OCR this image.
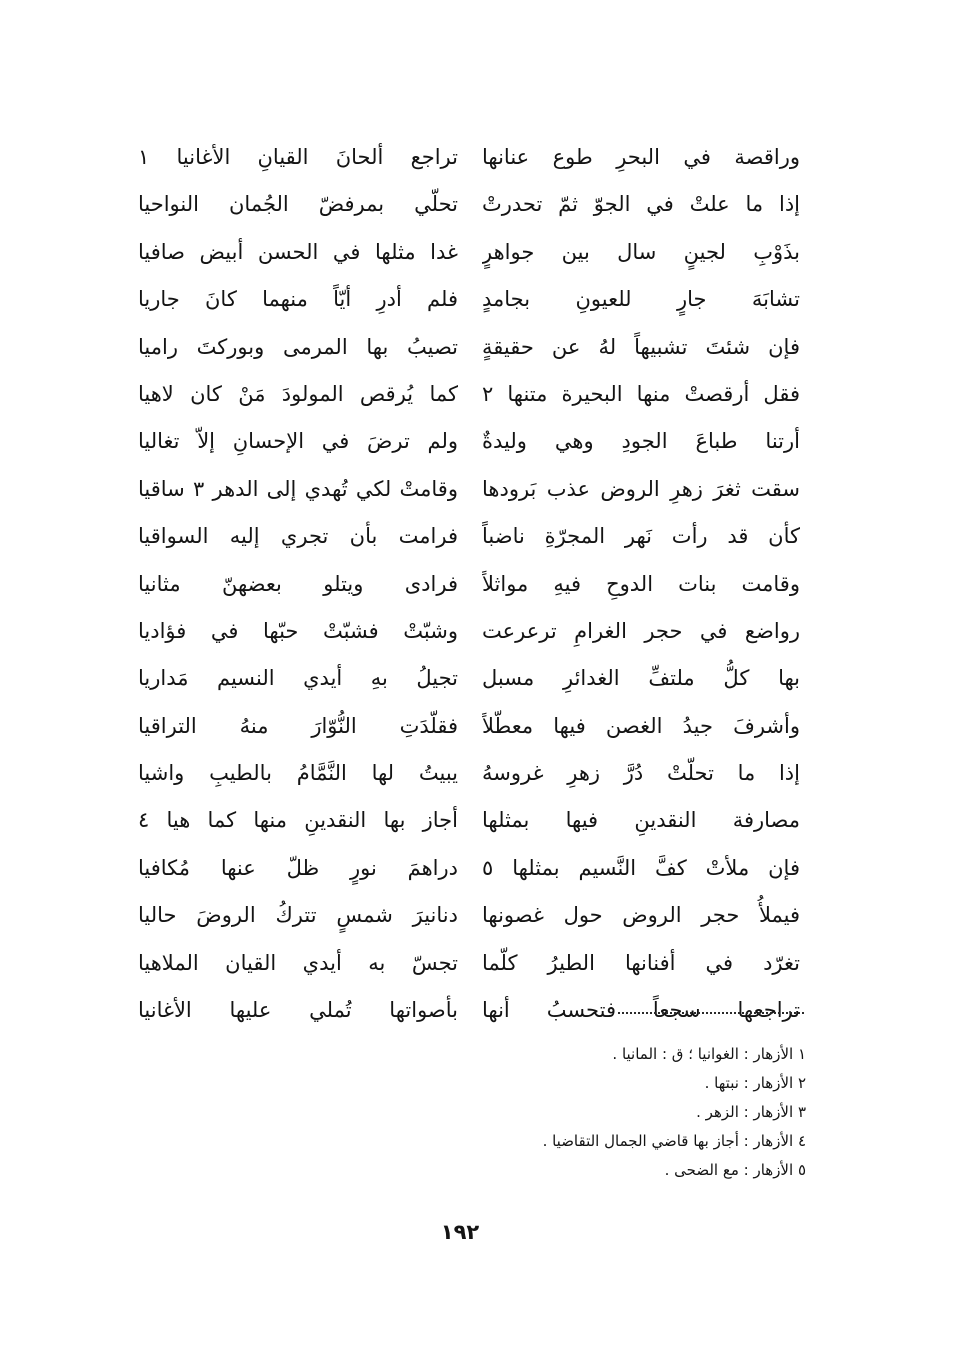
وراقصة في البحرِ طوع عنانها
تراجع ألحانَ القيانِ الأغانيا ١
إذا ما علتْ في الجوّ ثمّ تحدرتْ
تحلّي بمرفضّ الجُمان النواحيا
بذَوْبِ لجينٍ سال بين جواهرٍ
غدا مثلها في الحسن أبيض صافيا
تشابَهَ جارٍ للعيونِ بجامدٍ
فلم أدرِ أيّاً منهما كانَ جاريا
فإن شئتَ تشبيهاً لهُ عن حقيقةٍ
تصيبُ بها المرمى وبوركتَ راميا
فقل أرقصتْ منها البحيرة متنها ٢
كما يُرقص المولودَ مَنْ كان لاهيا
أرتنا طباعَ الجودِ وهي وليدةٌ
ولم ترضَ في الإحسانِ إلاّ تغاليا
سقت ثغرَ زهرِ الروض عذب بَرودها
وقامتْ لكي تُهدي إلى الدهر ٣ ساقيا
كأن قد رأت نَهر المجرّةِ ناضباً
فرامت بأن تجري إليه السواقيا
وقامت بنات الدوحِ فيهِ مواثلاً
فرادى ويتلو بعضهنّ مثانيا
رواضع في حجر الغرامِ ترعرعت
وشبّتْ فشبّتْ حبّها في فؤاديا
بها كلُّ ملتفِّ الغدائرِ مسبل
تجيلُ بهِ أيدي النسيم مَداريا
وأشرفَ جيدُ الغصن فيها معطّلاً
فقلّدَتِ النُّوّارَ منهُ التراقيا
إذا ما تحلّتْ دُرَّ زهرِ غروسهُ
يبيتُ لها النَّمَّامُ بالطيبِ واشيا
مصارفة النقدينِ فيها بمثلها
أجاز بها النقدينِ منها كما هيا ٤
فإن ملأتْ كفَّ النَّسيم بمثلها ٥
دراهمَ نورٍ ظلّ عنها مُكافيا
فيملأُ حجر الروض حول غصونها
دنانيرَ شمسٍ تتركُ الروضَ حاليا
تغرّد في أفنانها الطيرُ كلّما
تجسّ به أيدي القيان الملاهيا
تراجعها سجعاً فتحسبُ أنها
بأصواتها تُملي عليها الأغانيا
١ الأزهار : الغوانيا ؛ ق : المانيا .
٢ الأزهار : نبتها .
٣ الأزهار : الزهر .
٤ الأزهار : أجاز بها قاضي الجمال التقاضيا .
٥ الأزهار : مع الضحى .
١٩٢
